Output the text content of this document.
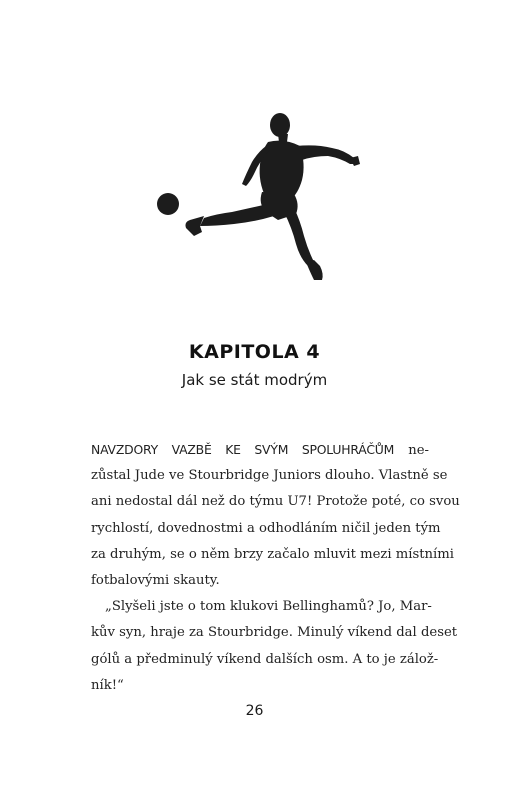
KAPITOLA 4
Jak se stát modrým
NAVZDORY VAZBĚ KE SVÝM SPOLUHRÁČŮM ne-
zůstal Jude ve Stourbridge Juniors dlouho. Vlastně se
ani nedostal dál než do týmu U7! Protože poté, co svou
rychlostí, dovednostmi a odhodláním ničil jeden tým
za druhým, se o něm brzy začalo mluvit mezi místními
fotbalovými skauty.
„Slyšeli jste o tom klukovi Bellinghamů? Jo, Mar-
kův syn, hraje za Stourbridge. Minulý víkend dal deset
gólů a předminulý víkend dalších osm. A to je zálož-
ník!“
26
